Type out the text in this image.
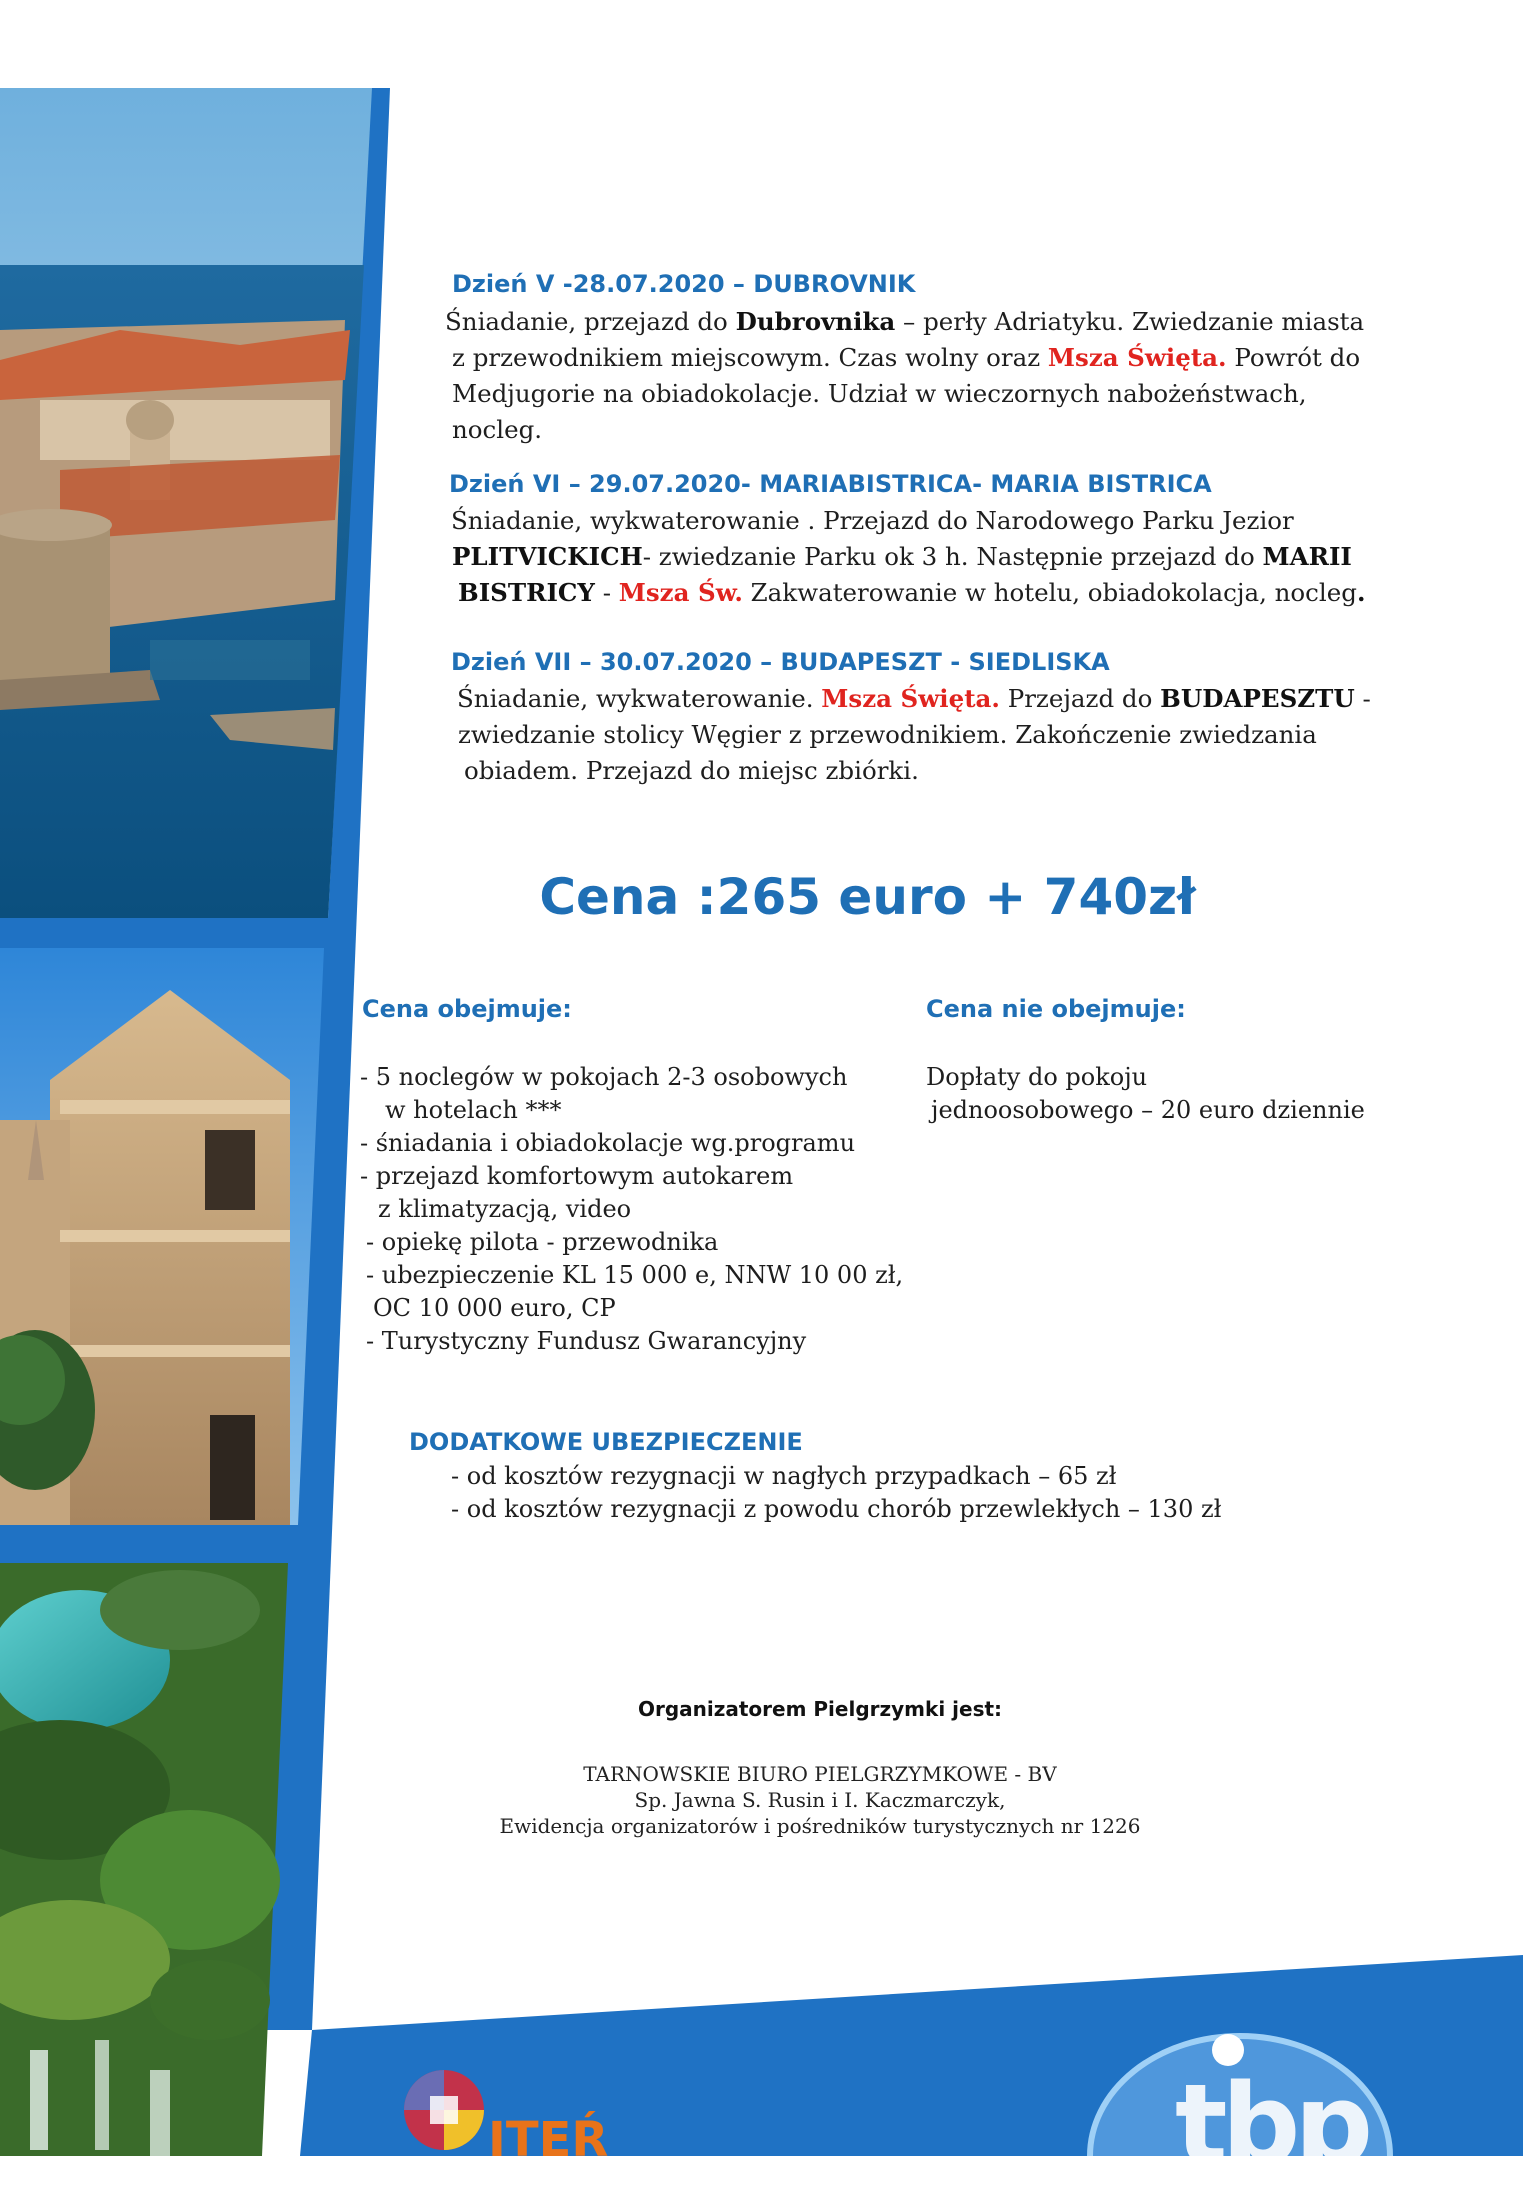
Dzień V -28.07.2020 – DUBROVNIK
Śniadanie, przejazd do Dubrovnika – perły Adriatyku. Zwiedzanie miasta
z przewodnikiem miejscowym. Czas wolny oraz Msza Święta. Powrót do
Medjugorie na obiadokolacje. Udział w wieczornych nabożeństwach,
nocleg.
Dzień VI – 29.07.2020- MARIABISTRICA- MARIA BISTRICA
Śniadanie, wykwaterowanie . Przejazd do Narodowego Parku Jezior
PLITVICKICH- zwiedzanie Parku ok 3 h. Następnie przejazd do MARII
BISTRICY - Msza Św. Zakwaterowanie w hotelu, obiadokolacja, nocleg.
Dzień VII – 30.07.2020 – BUDAPESZT - SIEDLISKA
Śniadanie, wykwaterowanie. Msza Święta. Przejazd do BUDAPESZTU -
zwiedzanie stolicy Węgier z przewodnikiem. Zakończenie zwiedzania
obiadem. Przejazd do miejsc zbiórki.
Cena :265 euro + 740zł
Cena obejmuje:
- 5 noclegów w pokojach 2-3 osobowych
w hotelach ***
- śniadania i obiadokolacje wg.programu
- przejazd komfortowym autokarem
z klimatyzacją, video
- opiekę pilota - przewodnika
- ubezpieczenie KL 15 000 e, NNW 10 00 zł,
OC 10 000 euro, CP
- Turystyczny Fundusz Gwarancyjny
Cena nie obejmuje:
Dopłaty do pokoju
jednoosobowego – 20 euro dziennie
DODATKOWE UBEZPIECZENIE
- od kosztów rezygnacji w nagłych przypadkach – 65 zł
- od kosztów rezygnacji z powodu chorób przewlekłych – 130 zł
Organizatorem Pielgrzymki jest:
TARNOWSKIE BIURO PIELGRZYMKOWE - BV
Sp. Jawna S. Rusin i I. Kaczmarczyk,
Ewidencja organizatorów i pośredników turystycznych nr 1226
ITEŔ	tbp
